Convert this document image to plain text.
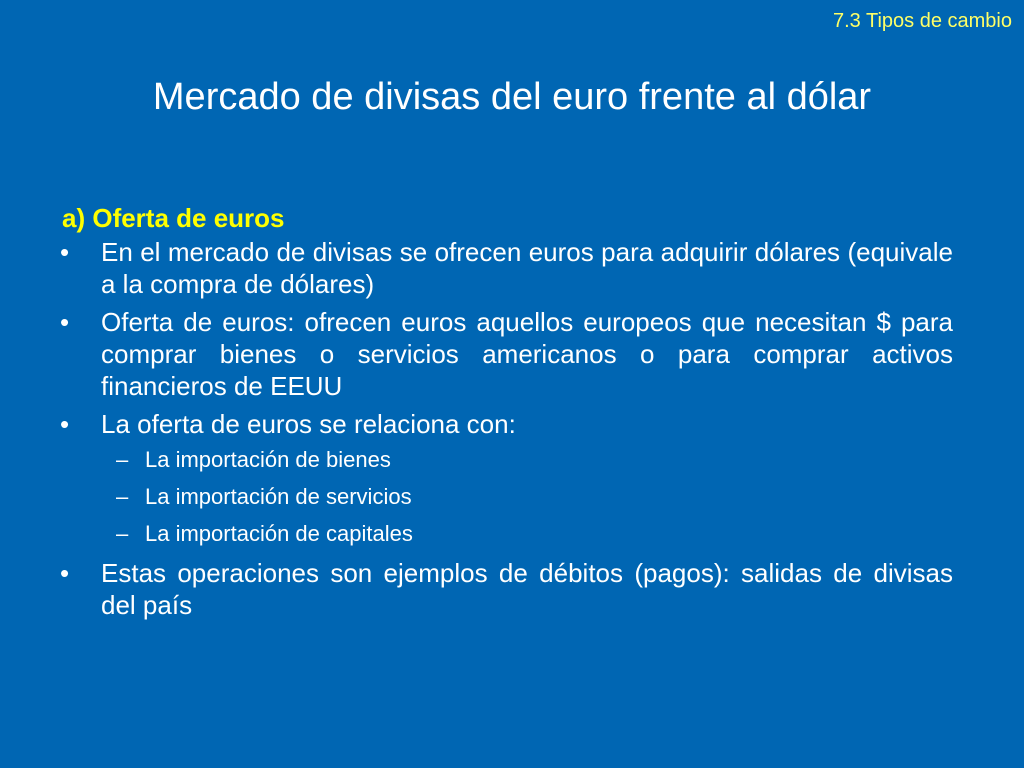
7.3 Tipos de cambio
Mercado de divisas del euro frente al dólar
a) Oferta de euros
•	En el mercado de divisas se ofrecen euros para adquirir dólares (equivale a la compra de dólares)
•	Oferta de euros: ofrecen euros aquellos europeos que necesitan $ para comprar bienes o servicios americanos o para comprar activos financieros de EEUU
•	La oferta de euros se relaciona con:
– La importación de bienes
– La importación de servicios
– La importación de capitales
•	Estas operaciones son ejemplos de débitos (pagos): salidas de divisas del país
